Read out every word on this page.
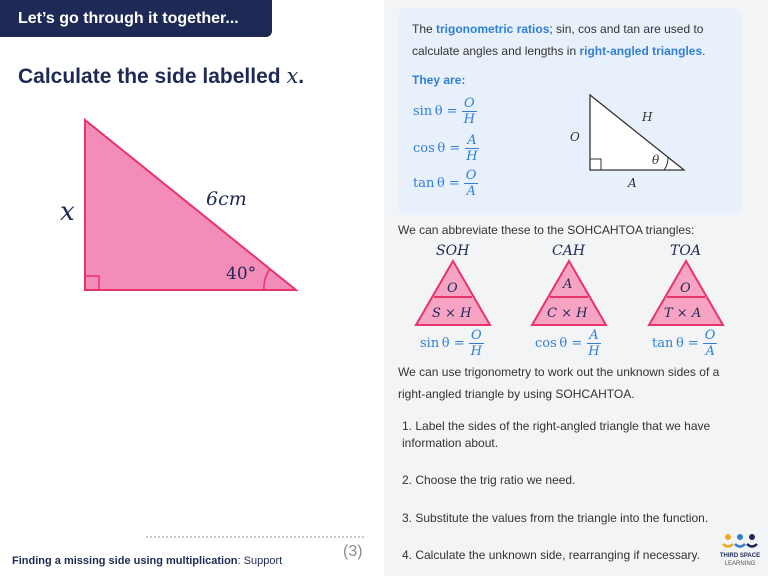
Let’s go through it together...
Calculate the side labelled x.
x	6cm
40°
Finding a missing side using multiplication: Support
(3)
The trigonometric ratios; sin, cos and tan are used to calculate angles and lengths in right-angled triangles.
They are:
$\sin \theta = \frac{O}{H}$
$\cos \theta = \frac{A}{H}$
$\tan \theta = \frac{O}{A}$
O
H
A
θ
We can abbreviate these to the SOHCAHTOA triangles:
SOH	CAH	TOA
O
S × H
A
C × H
O
T × A
$\sin \theta = \frac{O}{H}$	$\cos \theta = \frac{A}{H}$	$\tan \theta = \frac{O}{A}$
We can use trigonometry to work out the unknown sides of a right-angled triangle by using SOHCAHTOA.
1. Label the sides of the right-angled triangle that we have information about.
2. Choose the trig ratio we need.
3. Substitute the values from the triangle into the function.
4. Calculate the unknown side, rearranging if necessary.	THIRD SPACE
LEARNING
